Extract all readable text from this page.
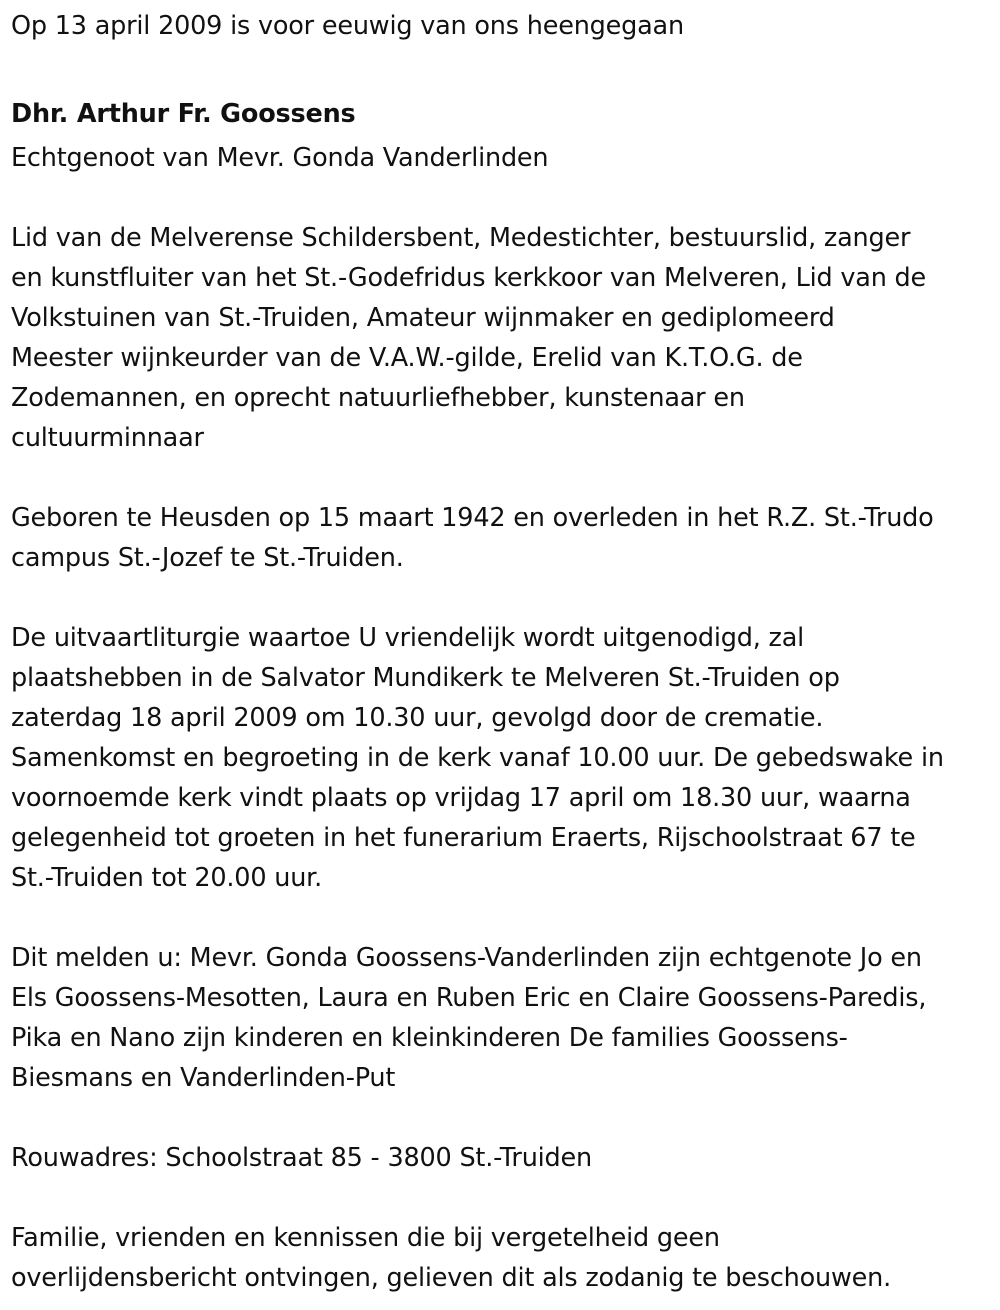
Op 13 april 2009 is voor eeuwig van ons heengegaan

Dhr. Arthur Fr. Goossens

Echtgenoot van Mevr. Gonda Vanderlinden

Lid van de Melverense Schildersbent, Medestichter, bestuurslid, zanger
en kunstfluiter van het St.-Godefridus kerkkoor van Melveren, Lid van de
Volkstuinen van St.-Truiden, Amateur wijnmaker en gediplomeerd
Meester wijnkeurder van de V.A.W.-gilde, Erelid van K.T.O.G. de
Zodemannen, en oprecht natuurliefhebber, kunstenaar en
cultuurminnaar

Geboren te Heusden op 15 maart 1942 en overleden in het R.Z. St.-Trudo
campus St.-Jozef te St.-Truiden.

De uitvaartliturgie waartoe U vriendelijk wordt uitgenodigd, zal
plaatshebben in de Salvator Mundikerk te Melveren St.-Truiden op
zaterdag 18 april 2009 om 10.30 uur, gevolgd door de crematie.
Samenkomst en begroeting in de kerk vanaf 10.00 uur. De gebedswake in
voornoemde kerk vindt plaats op vrijdag 17 april om 18.30 uur, waarna
gelegenheid tot groeten in het funerarium Eraerts, Rijschoolstraat 67 te
St.-Truiden tot 20.00 uur.

Dit melden u: Mevr. Gonda Goossens-Vanderlinden zijn echtgenote Jo en
Els Goossens-Mesotten, Laura en Ruben Eric en Claire Goossens-Paredis,
Pika en Nano zijn kinderen en kleinkinderen De families Goossens-
Biesmans en Vanderlinden-Put

Rouwadres: Schoolstraat 85 - 3800 St.-Truiden

Familie, vrienden en kennissen die bij vergetelheid geen
overlijdensbericht ontvingen, gelieven dit als zodanig te beschouwen.
